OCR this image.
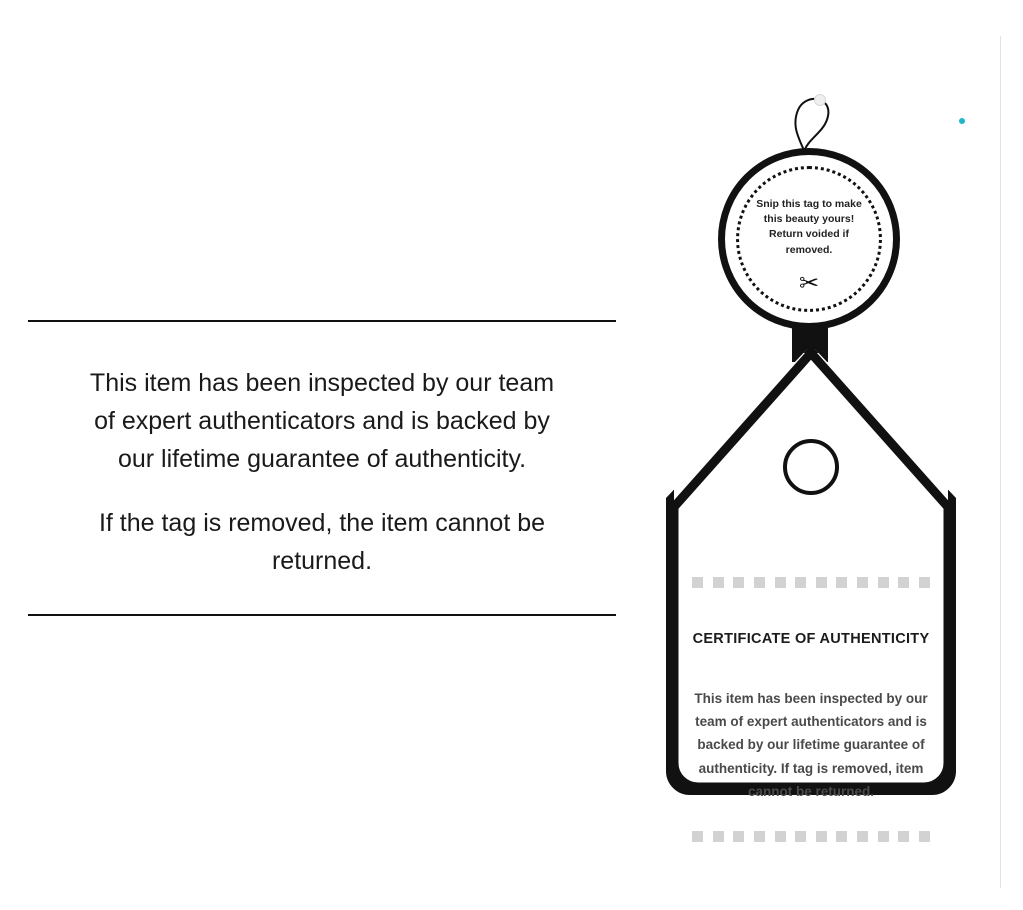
This item has been inspected by our team of expert authenticators and is backed by our lifetime guarantee of authenticity.

If the tag is removed, the item cannot be returned.

Snip this tag to make this beauty yours! Return voided if removed.
✂
CERTIFICATE OF AUTHENTICITY
This item has been inspected by our team of expert authenticators and is backed by our lifetime guarantee of authenticity. If tag is removed, item cannot be returned.
